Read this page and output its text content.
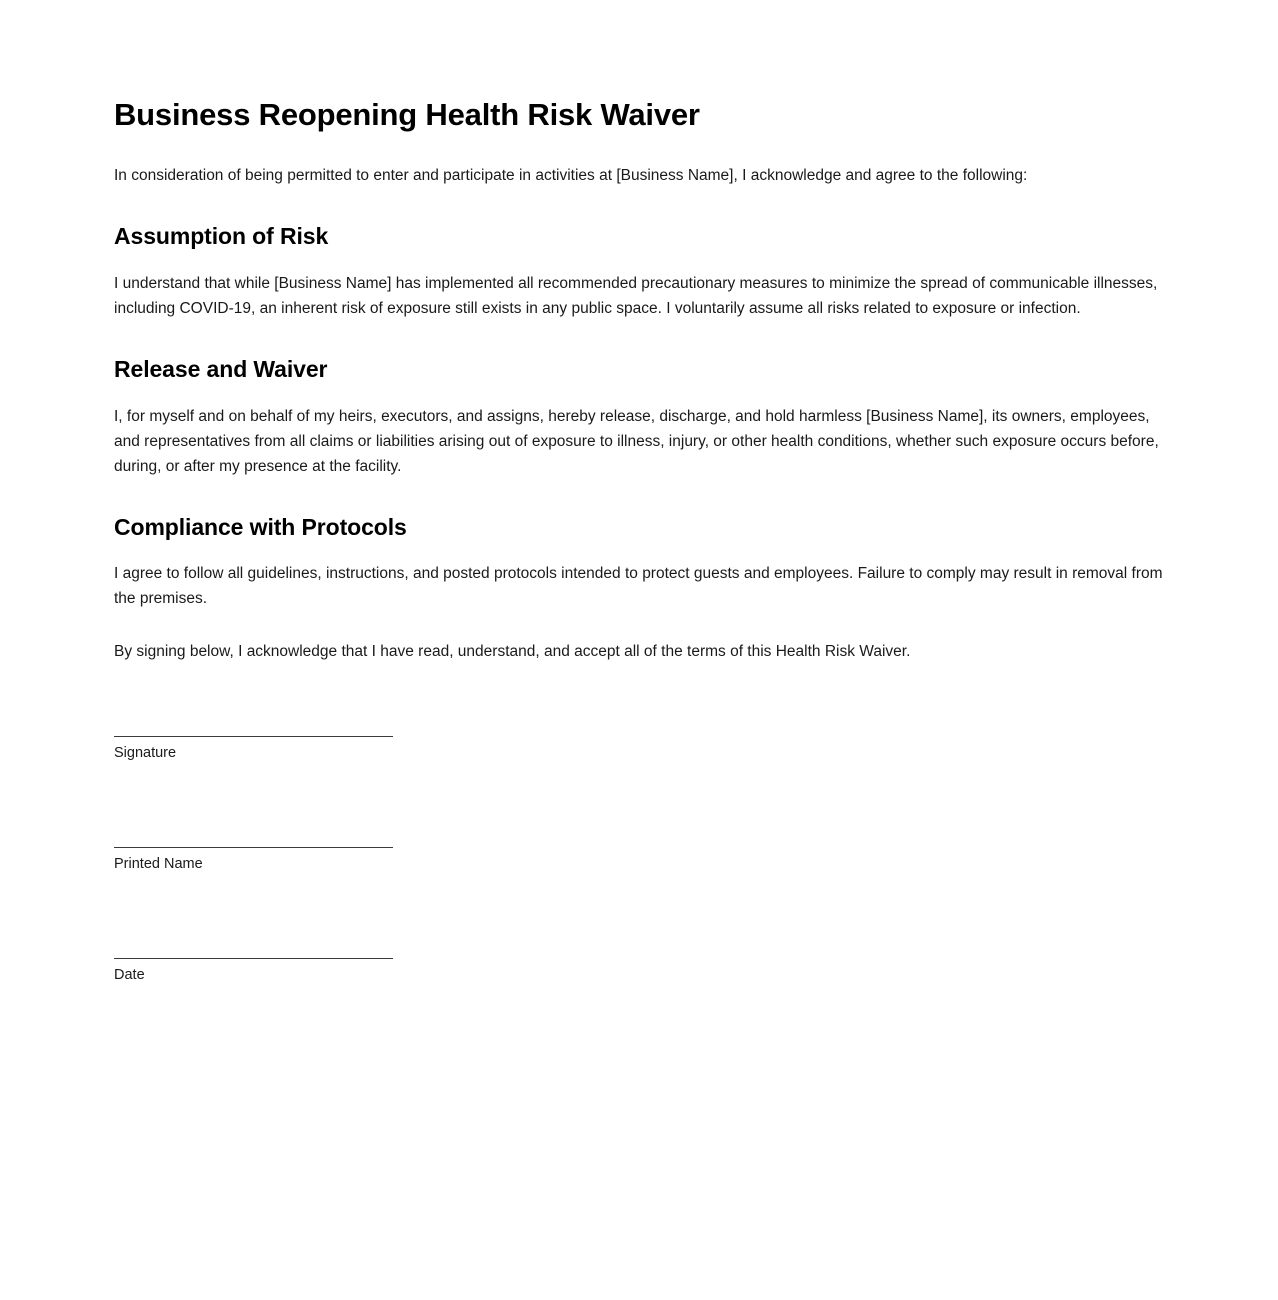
Business Reopening Health Risk Waiver

In consideration of being permitted to enter and participate in activities at [Business Name], I acknowledge and agree to the following:

Assumption of Risk

I understand that while [Business Name] has implemented all recommended precautionary measures to minimize the spread of communicable illnesses, including COVID-19, an inherent risk of exposure still exists in any public space. I voluntarily assume all risks related to exposure or infection.

Release and Waiver

I, for myself and on behalf of my heirs, executors, and assigns, hereby release, discharge, and hold harmless [Business Name], its owners, employees, and representatives from all claims or liabilities arising out of exposure to illness, injury, or other health conditions, whether such exposure occurs before, during, or after my presence at the facility.

Compliance with Protocols

I agree to follow all guidelines, instructions, and posted protocols intended to protect guests and employees. Failure to comply may result in removal from the premises.

By signing below, I acknowledge that I have read, understand, and accept all of the terms of this Health Risk Waiver.

Signature
Printed Name
Date
